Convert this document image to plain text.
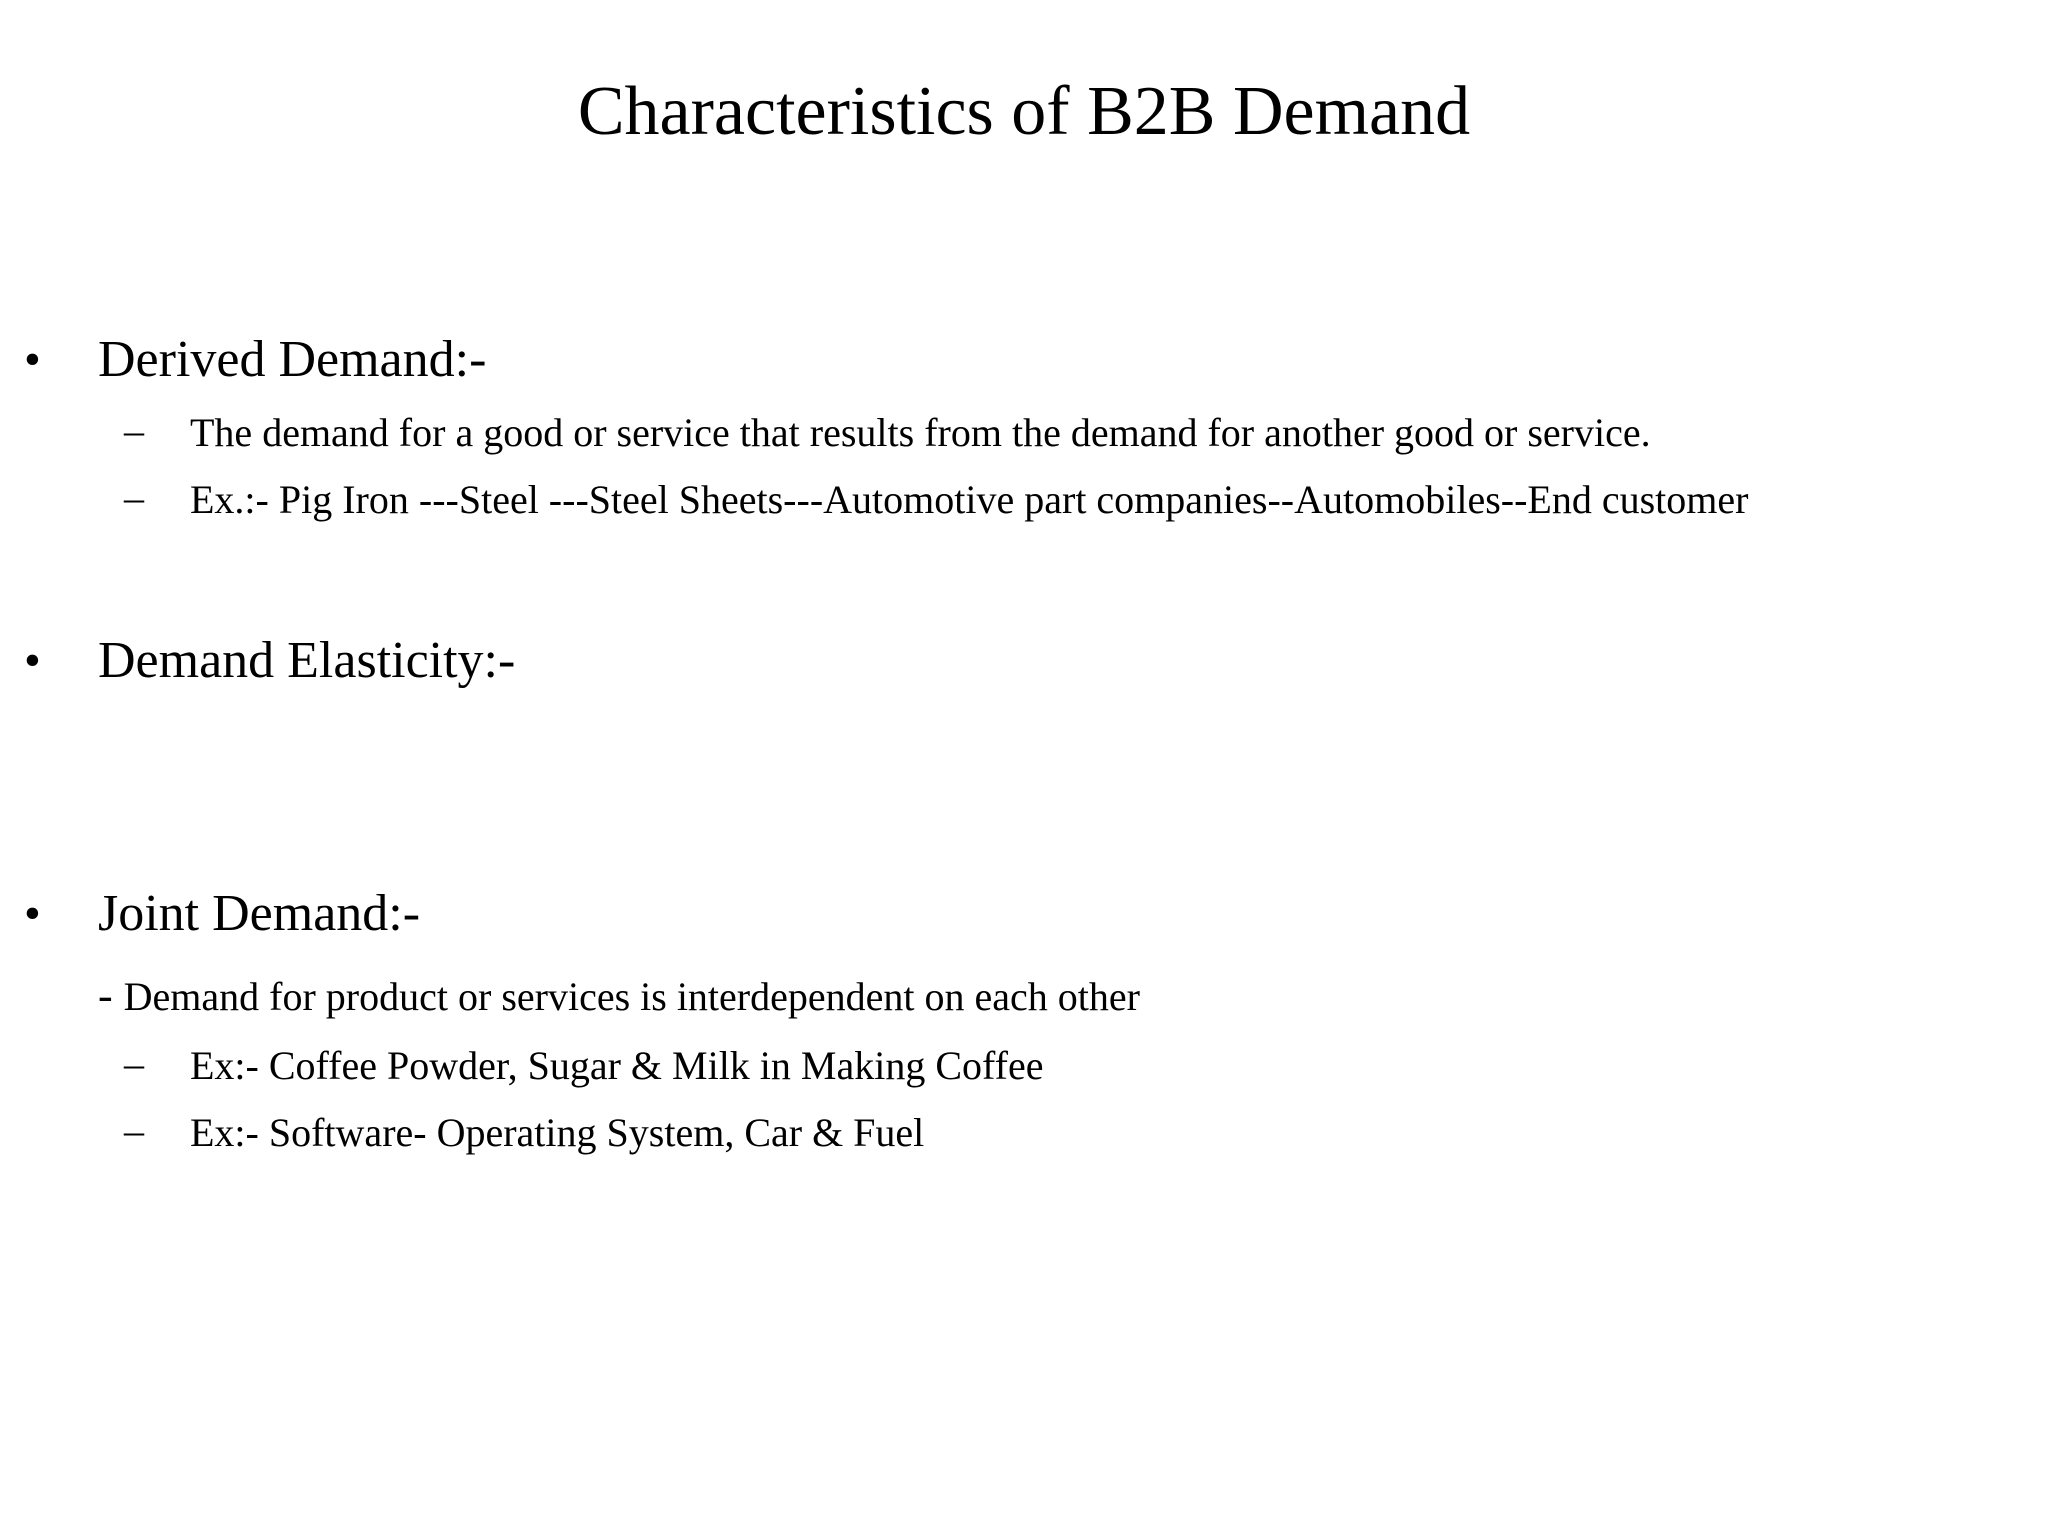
Characteristics of B2B Demand
• Derived Demand:-
– The demand for a good or service that results from the demand for another good or service.
– Ex.:- Pig Iron ---Steel ---Steel Sheets---Automotive part companies--Automobiles--End customer
• Demand Elasticity:-
• Joint Demand:-
- Demand for product or services is interdependent on each other
– Ex:- Coffee Powder, Sugar & Milk in Making Coffee
– Ex:- Software- Operating System, Car & Fuel
